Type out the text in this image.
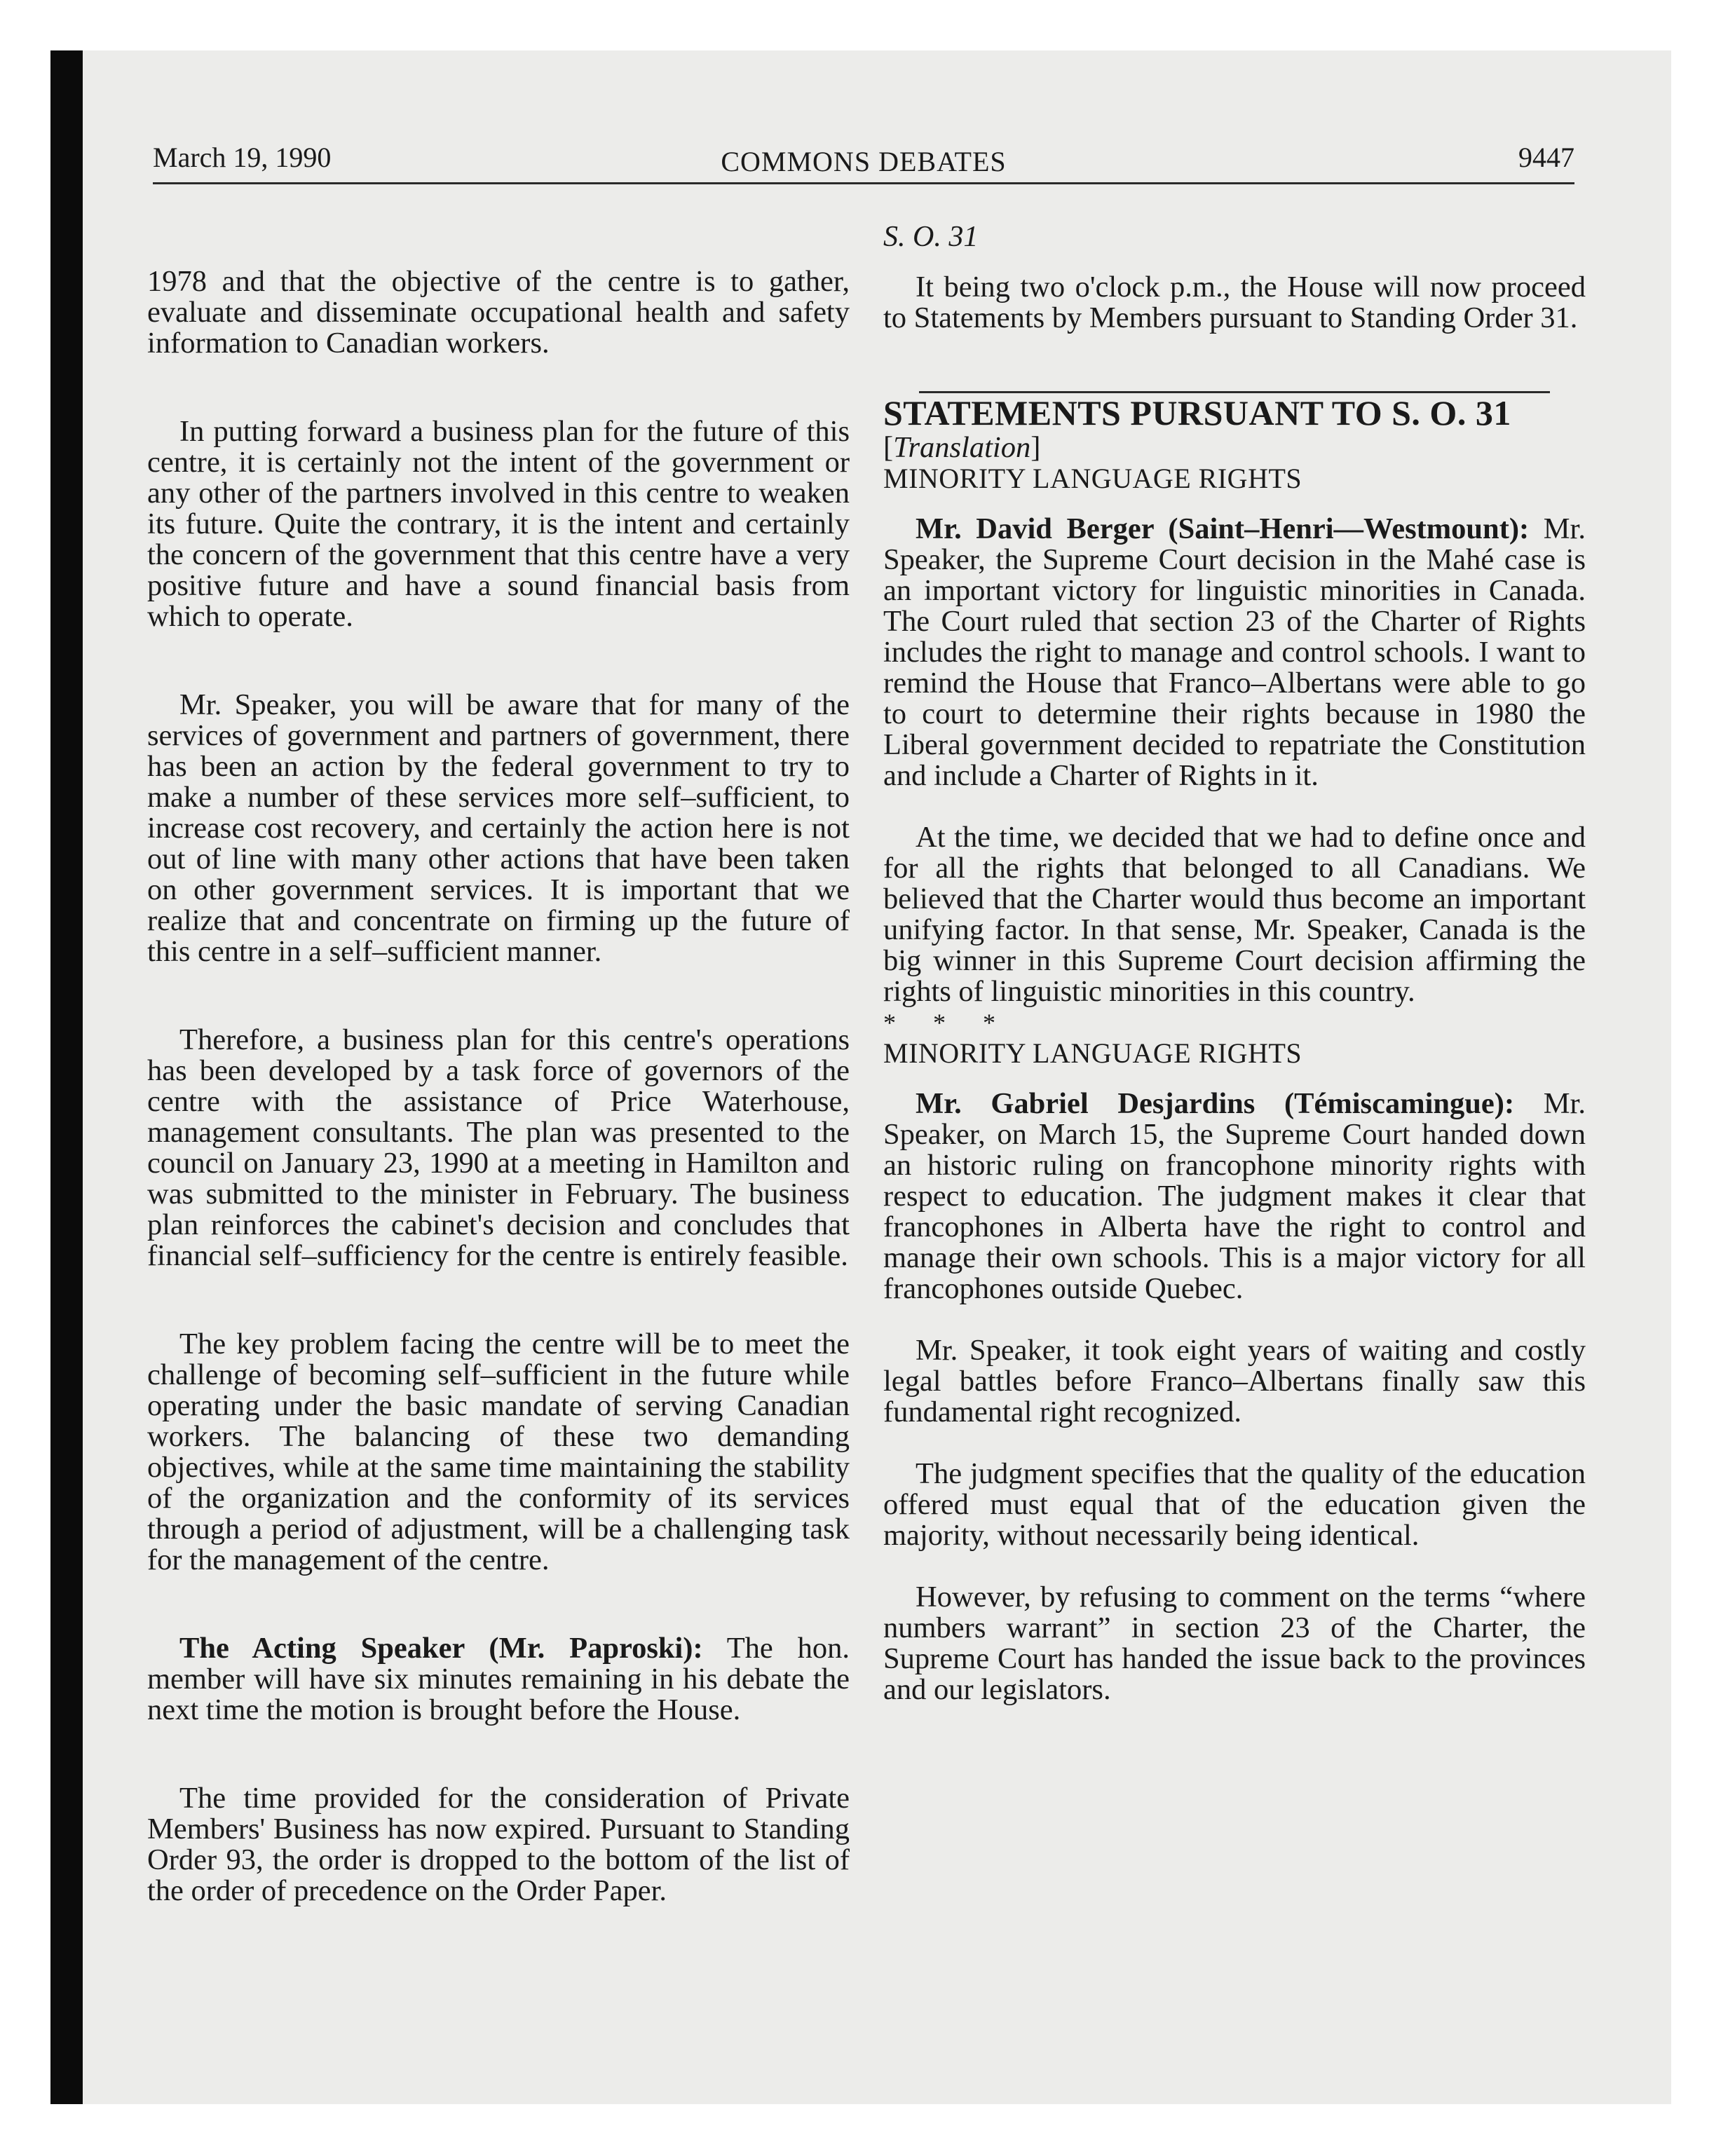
March 19, 1990	COMMONS DEBATES	9447

1978 and that the objective of the centre is to gather, evaluate and disseminate occupational health and safety information to Canadian workers.

In putting forward a business plan for the future of this centre, it is certainly not the intent of the government or any other of the partners involved in this centre to weaken its future. Quite the contrary, it is the intent and certainly the concern of the government that this centre have a very positive future and have a sound financial basis from which to operate.

Mr. Speaker, you will be aware that for many of the services of government and partners of government, there has been an action by the federal government to try to make a number of these services more self–sufficient, to increase cost recovery, and certainly the action here is not out of line with many other actions that have been taken on other government services. It is important that we realize that and concentrate on firming up the future of this centre in a self–sufficient manner.

Therefore, a business plan for this centre's operations has been developed by a task force of governors of the centre with the assistance of Price Waterhouse, management consultants. The plan was presented to the council on January 23, 1990 at a meeting in Hamilton and was submitted to the minister in February. The business plan reinforces the cabinet's decision and concludes that financial self–sufficiency for the centre is entirely feasible.

The key problem facing the centre will be to meet the challenge of becoming self–sufficient in the future while operating under the basic mandate of serving Canadian workers. The balancing of these two demanding objectives, while at the same time maintaining the stability of the organization and the conformity of its services through a period of adjustment, will be a challenging task for the management of the centre.

The Acting Speaker (Mr. Paproski): The hon. member will have six minutes remaining in his debate the next time the motion is brought before the House.

The time provided for the consideration of Private Members' Business has now expired. Pursuant to Standing Order 93, the order is dropped to the bottom of the list of the order of precedence on the Order Paper.

S. O. 31

It being two o'clock p.m., the House will now proceed to Statements by Members pursuant to Standing Order 31.

STATEMENTS PURSUANT TO S. O. 31

[Translation]

MINORITY LANGUAGE RIGHTS

Mr. David Berger (Saint–Henri—Westmount): Mr. Speaker, the Supreme Court decision in the Mahé case is an important victory for linguistic minorities in Canada. The Court ruled that section 23 of the Charter of Rights includes the right to manage and control schools. I want to remind the House that Franco–Albertans were able to go to court to determine their rights because in 1980 the Liberal government decided to repatriate the Constitution and include a Charter of Rights in it.

At the time, we decided that we had to define once and for all the rights that belonged to all Canadians. We believed that the Charter would thus become an important unifying factor. In that sense, Mr. Speaker, Canada is the big winner in this Supreme Court decision affirming the rights of linguistic minorities in this country.

* * *

MINORITY LANGUAGE RIGHTS

Mr. Gabriel Desjardins (Témiscamingue): Mr. Speaker, on March 15, the Supreme Court handed down an historic ruling on francophone minority rights with respect to education. The judgment makes it clear that francophones in Alberta have the right to control and manage their own schools. This is a major victory for all francophones outside Quebec.

Mr. Speaker, it took eight years of waiting and costly legal battles before Franco–Albertans finally saw this fundamental right recognized.

The judgment specifies that the quality of the education offered must equal that of the education given the majority, without necessarily being identical.

However, by refusing to comment on the terms “where numbers warrant” in section 23 of the Charter, the Supreme Court has handed the issue back to the provinces and our legislators.
